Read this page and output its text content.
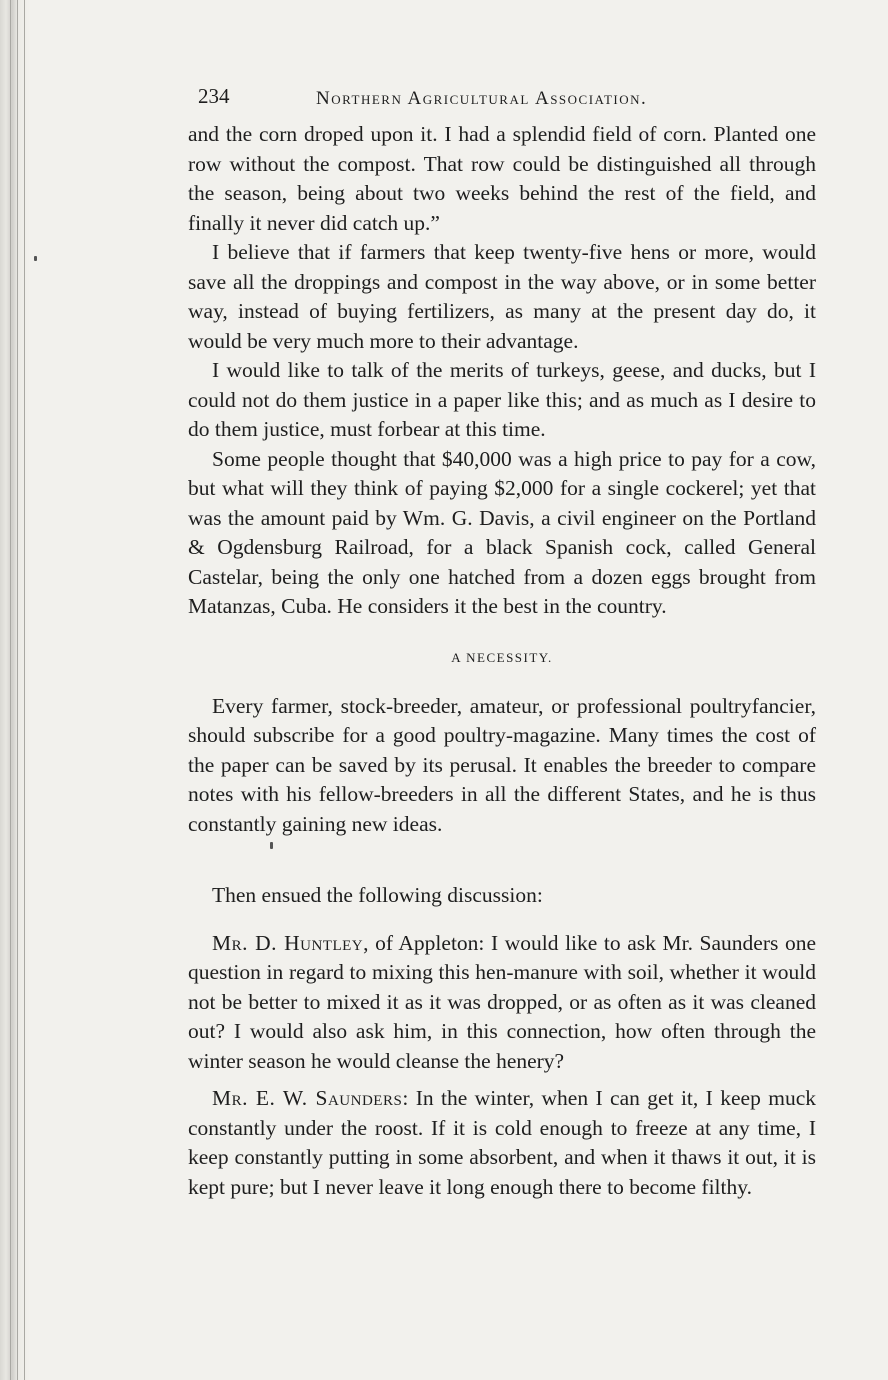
234	Northern Agricultural Association.

and the corn droped upon it. I had a splendid field of corn. Planted one row without the compost. That row could be distinguished all through the season, being about two weeks behind the rest of the field, and finally it never did catch up.”

I believe that if farmers that keep twenty-five hens or more, would save all the droppings and compost in the way above, or in some better way, instead of buying fertilizers, as many at the present day do, it would be very much more to their advantage.

I would like to talk of the merits of turkeys, geese, and ducks, but I could not do them justice in a paper like this; and as much as I desire to do them justice, must forbear at this time.

Some people thought that $40,000 was a high price to pay for a cow, but what will they think of paying $2,000 for a single cockerel; yet that was the amount paid by Wm. G. Davis, a civil engineer on the Portland & Ogdensburg Railroad, for a black Spanish cock, called General Castelar, being the only one hatched from a dozen eggs brought from Matanzas, Cuba. He considers it the best in the country.

A NECESSITY.

Every farmer, stock-breeder, amateur, or professional poultryfancier, should subscribe for a good poultry-magazine. Many times the cost of the paper can be saved by its perusal. It enables the breeder to compare notes with his fellow-breeders in all the different States, and he is thus constantly gaining new ideas.

Then ensued the following discussion:

Mr. D. Huntley, of Appleton: I would like to ask Mr. Saunders one question in regard to mixing this hen-manure with soil, whether it would not be better to mixed it as it was dropped, or as often as it was cleaned out? I would also ask him, in this connection, how often through the winter season he would cleanse the henery?

Mr. E. W. Saunders: In the winter, when I can get it, I keep muck constantly under the roost. If it is cold enough to freeze at any time, I keep constantly putting in some absorbent, and when it thaws it out, it is kept pure; but I never leave it long enough there to become filthy.
